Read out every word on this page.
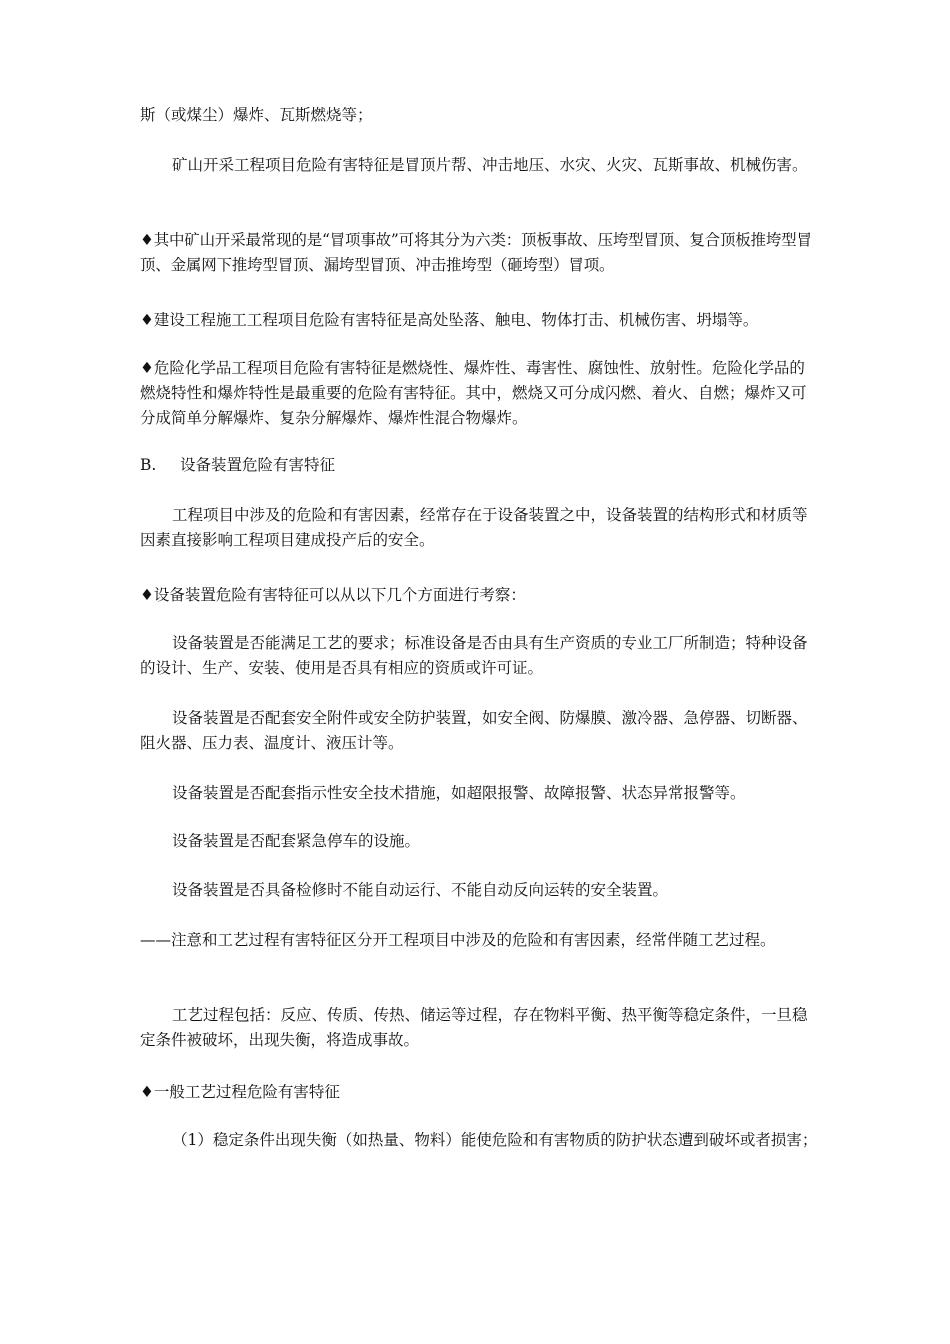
斯（或煤尘）爆炸、瓦斯燃烧等；

矿山开采工程项目危险有害特征是冒顶片帮、冲击地压、水灾、火灾、瓦斯事故、机械伤害。

♦其中矿山开采最常现的是“冒项事故”可将其分为六类：顶板事故、压垮型冒顶、复合顶板推垮型冒顶、金属网下推垮型冒顶、漏垮型冒顶、冲击推垮型（砸垮型）冒项。

♦建设工程施工工程项目危险有害特征是高处坠落、触电、物体打击、机械伤害、坍塌等。

♦危险化学品工程项目危险有害特征是燃烧性、爆炸性、毒害性、腐蚀性、放射性。危险化学品的燃烧特性和爆炸特性是最重要的危险有害特征。其中，燃烧又可分成闪燃、着火、自燃；爆炸又可分成简单分解爆炸、复杂分解爆炸、爆炸性混合物爆炸。

B. 设备装置危险有害特征

工程项目中涉及的危险和有害因素，经常存在于设备装置之中，设备装置的结构形式和材质等因素直接影响工程项目建成投产后的安全。

♦设备装置危险有害特征可以从以下几个方面进行考察：

设备装置是否能满足工艺的要求；标准设备是否由具有生产资质的专业工厂所制造；特种设备的设计、生产、安装、使用是否具有相应的资质或许可证。

设备装置是否配套安全附件或安全防护装置，如安全阀、防爆膜、激冷器、急停器、切断器、阻火器、压力表、温度计、液压计等。

设备装置是否配套指示性安全技术措施，如超限报警、故障报警、状态异常报警等。

设备装置是否配套紧急停车的设施。

设备装置是否具备检修时不能自动运行、不能自动反向运转的安全装置。

——注意和工艺过程有害特征区分开工程项目中涉及的危险和有害因素，经常伴随工艺过程。

工艺过程包括：反应、传质、传热、储运等过程，存在物料平衡、热平衡等稳定条件，一旦稳定条件被破坏，出现失衡，将造成事故。

♦一般工艺过程危险有害特征

（1）稳定条件出现失衡（如热量、物料）能使危险和有害物质的防护状态遭到破坏或者损害；
